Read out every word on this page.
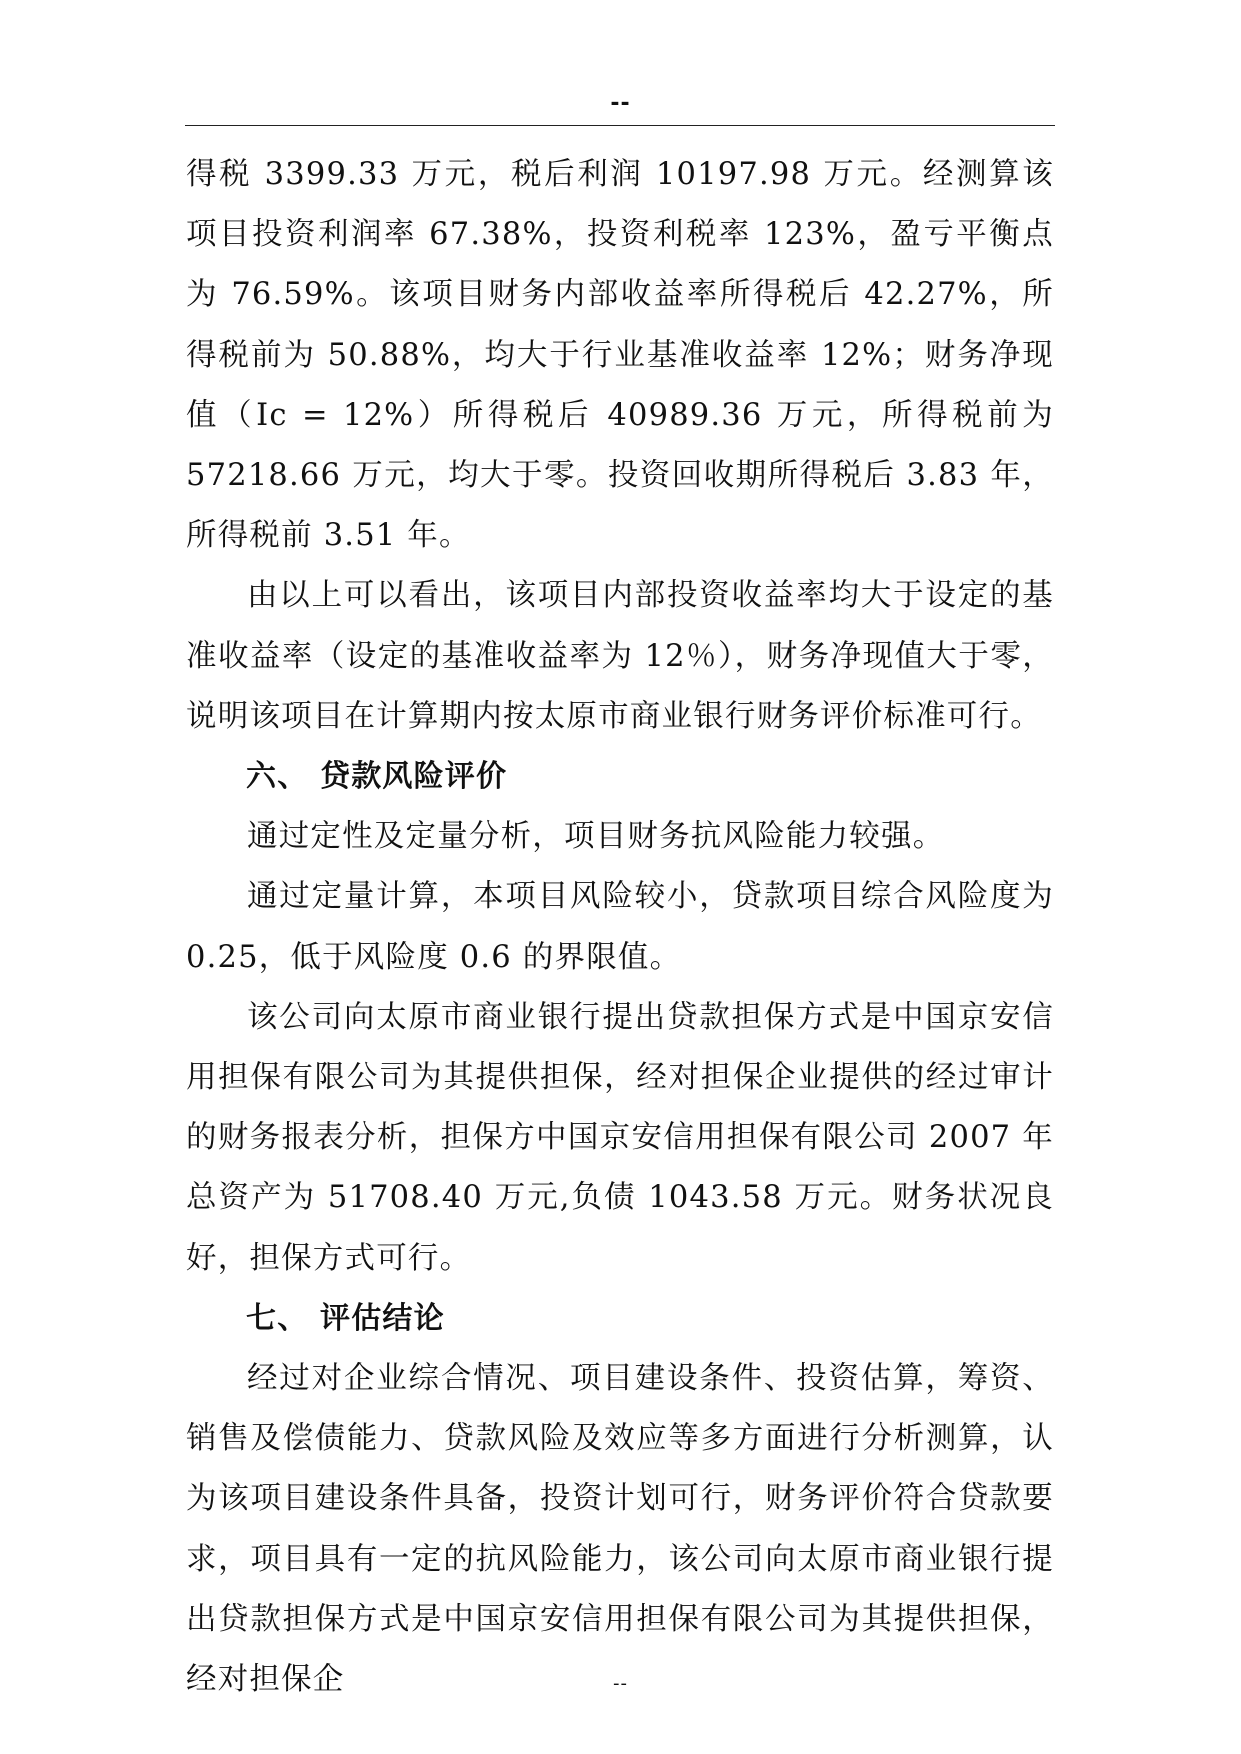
--

得税 3399.33 万元，税后利润 10197.98 万元。经测算该项目投资利润率 67.38%，投资利税率 123%，盈亏平衡点为 76.59%。该项目财务内部收益率所得税后 42.27%，所得税前为 50.88%，均大于行业基准收益率 12%；财务净现值（Ic = 12%）所得税后 40989.36 万元，所得税前为 57218.66 万元，均大于零。投资回收期所得税后 3.83 年，所得税前 3.51 年。

由以上可以看出，该项目内部投资收益率均大于设定的基准收益率（设定的基准收益率为 12％），财务净现值大于零，说明该项目在计算期内按太原市商业银行财务评价标准可行。

六、 贷款风险评价

通过定性及定量分析，项目财务抗风险能力较强。

通过定量计算，本项目风险较小，贷款项目综合风险度为 0.25，低于风险度 0.6 的界限值。

该公司向太原市商业银行提出贷款担保方式是中国京安信用担保有限公司为其提供担保，经对担保企业提供的经过审计的财务报表分析，担保方中国京安信用担保有限公司 2007 年总资产为 51708.40 万元,负债 1043.58 万元。财务状况良好，担保方式可行。

七、 评估结论

经过对企业综合情况、项目建设条件、投资估算，筹资、销售及偿债能力、贷款风险及效应等多方面进行分析测算，认为该项目建设条件具备，投资计划可行，财务评价符合贷款要求，项目具有一定的抗风险能力，该公司向太原市商业银行提出贷款担保方式是中国京安信用担保有限公司为其提供担保，经对担保企	--
